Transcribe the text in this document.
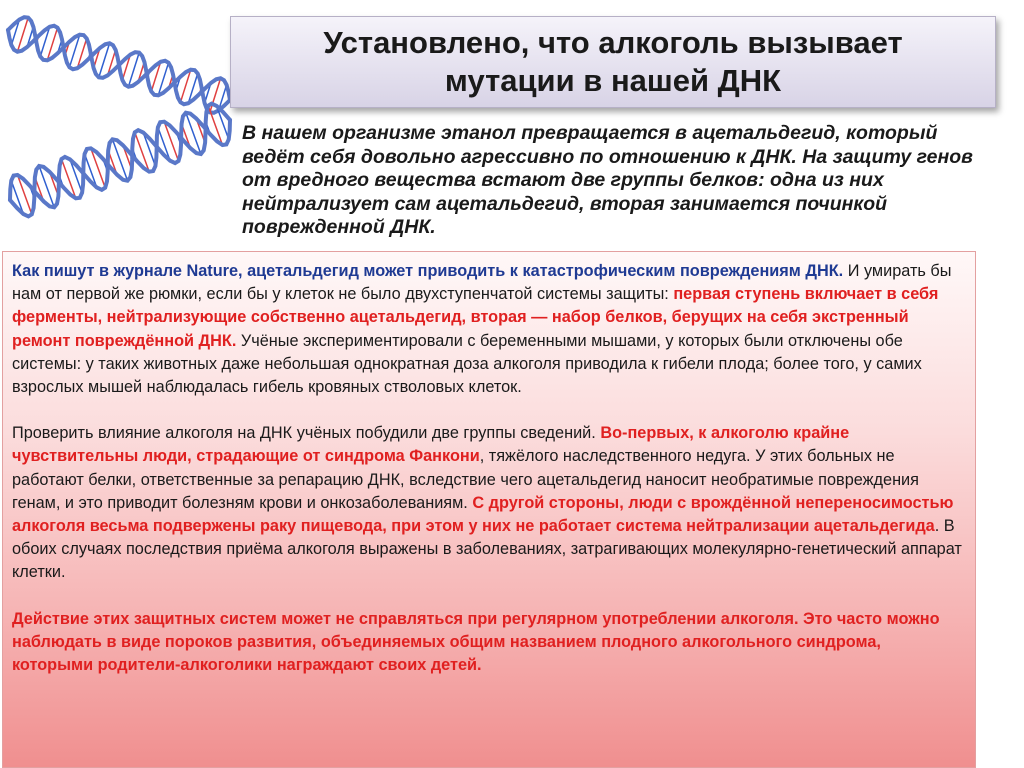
Установлено, что алкоголь вызывает
мутации в нашей ДНК
В нашем организме этанол превращается в ацетальдегид, который ведёт себя довольно агрессивно по отношению к ДНК. На защиту генов от вредного вещества встают две группы белков: одна из них нейтрализует сам ацетальдегид, вторая занимается починкой поврежденной ДНК.

Как пишут в журнале Nature, ацетальдегид может приводить к катастрофическим повреждениям ДНК. И умирать бы нам от первой же рюмки, если бы у клеток не было двухступенчатой системы защиты: первая ступень включает в себя ферменты, нейтрализующие собственно ацетальдегид, вторая — набор белков, берущих на себя экстренный ремонт повреждённой ДНК. Учёные экспериментировали с беременными мышами, у которых были отключены обе системы: у таких животных даже небольшая однократная доза алкоголя приводила к гибели плода; более того, у самих взрослых мышей наблюдалась гибель кровяных стволовых клеток.

Проверить влияние алкоголя на ДНК учёных побудили две группы сведений. Во-первых, к алкоголю крайне чувствительны люди, страдающие от синдрома Фанкони, тяжёлого наследственного недуга. У этих больных не работают белки, ответственные за репарацию ДНК, вследствие чего ацетальдегид наносит необратимые повреждения генам, и это приводит болезням крови и онкозаболеваниям. С другой стороны, люди с врождённой непереносимостью алкоголя весьма подвержены раку пищевода, при этом у них не работает система нейтрализации ацетальдегида. В обоих случаях последствия приёма алкоголя выражены в заболеваниях, затрагивающих молекулярно-генетический аппарат клетки.

Действие этих защитных систем может не справляться при регулярном употреблении алкоголя. Это часто можно наблюдать в виде пороков развития, объединяемых общим названием плодного алкогольного синдрома, которыми родители-алкоголики награждают своих детей.
